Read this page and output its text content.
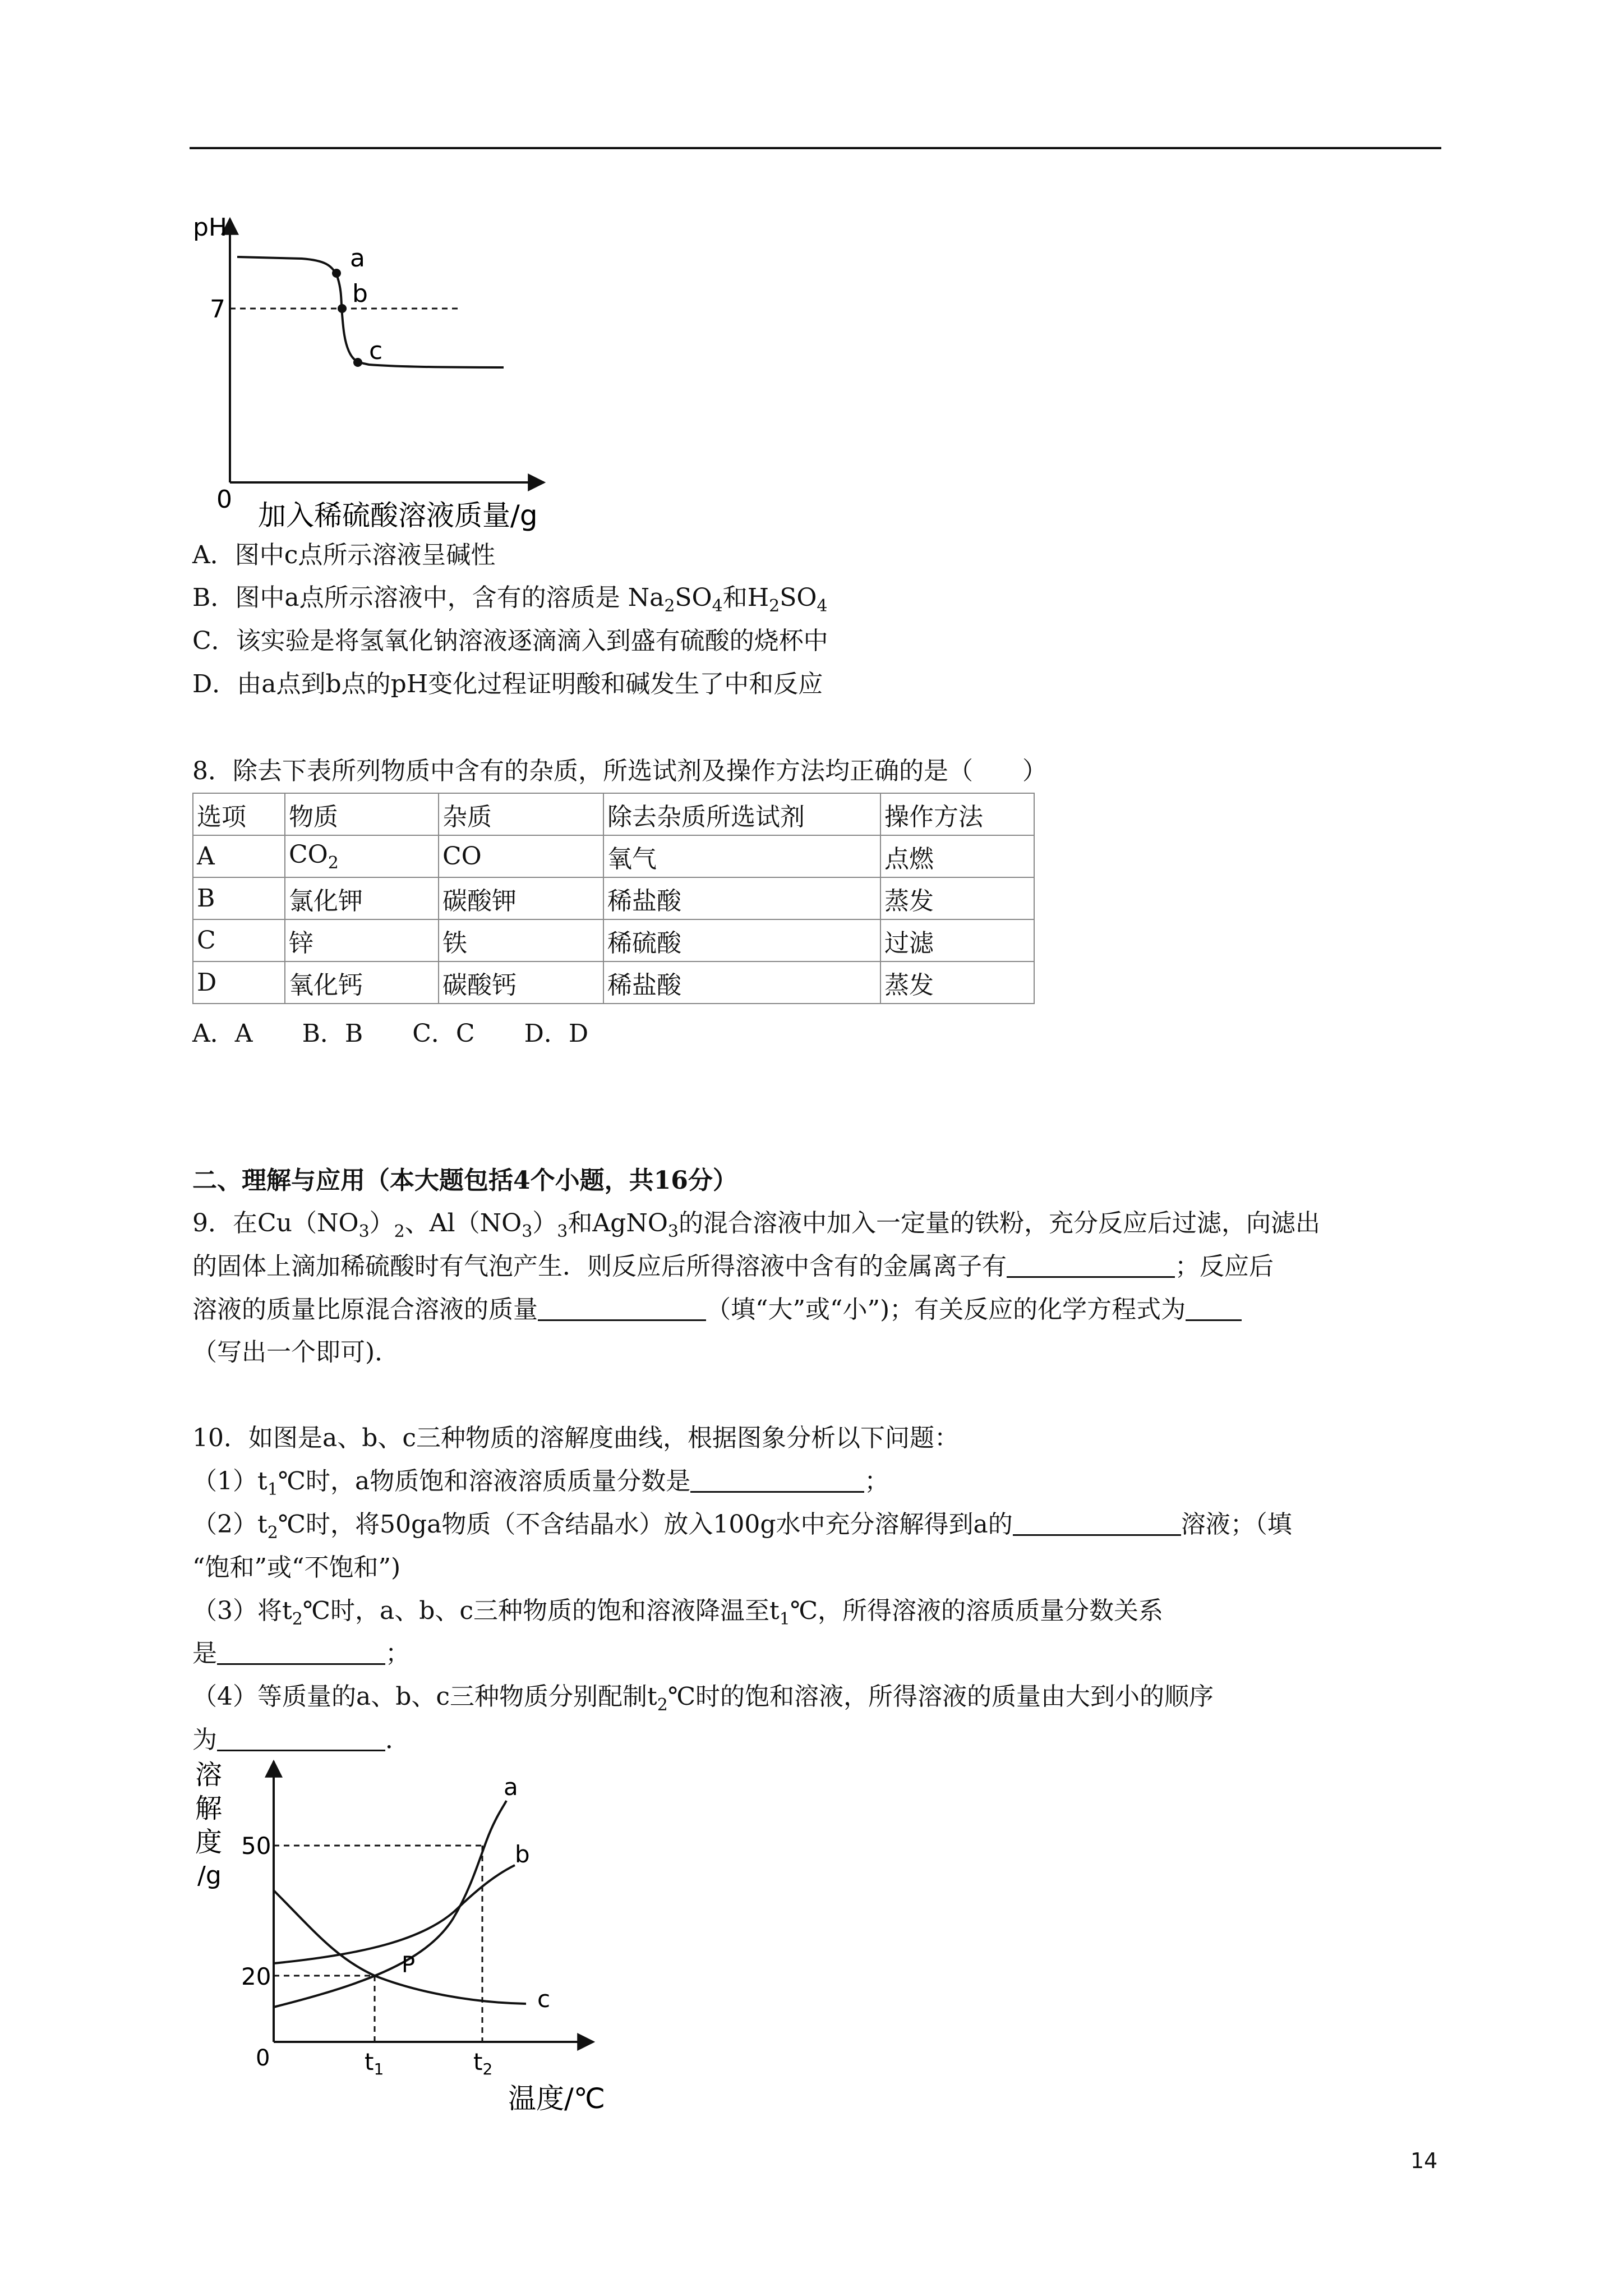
pH
7
0
a
b
c
加入稀硫酸溶液质量/g
A．图中c点所示溶液呈碱性
B．图中a点所示溶液中，含有的溶质是 $Na_2SO_4$和$H_2SO_4$
C．该实验是将氢氧化钠溶液逐滴滴入到盛有硫酸的烧杯中
D．由a点到b点的pH变化过程证明酸和碱发生了中和反应
8．除去下表所列物质中含有的杂质，所选试剂及操作方法均正确的是（　　）
选项	物质	杂质	除去杂质所选试剂	操作方法
A	$CO_2$	CO	氧气	点燃
B	氯化钾	碳酸钾	稀盐酸	蒸发
C	锌	铁	稀硫酸	过滤
D	氧化钙	碳酸钙	稀盐酸	蒸发
A．A B．B C．C D．D
二、理解与应用（本大题包括4个小题，共16分）
9．在$Cu(NO_3)_2$、$Al(NO_3)_3$和AgNO$_3$的混合溶液中加入一定量的铁粉，充分反应后过滤，向滤出
的固体上滴加稀硫酸时有气泡产生．则反应后所得溶液中含有的金属离子有	；反应后
溶液的质量比原混合溶液的质量	（填“大”或“小”)；有关反应的化学方程式为
（写出一个即可)．
10．如图是a、b、c三种物质的溶解度曲线，根据图象分析以下问题：
$(1)t_1℃$时，a物质饱和溶液溶质质量分数是	；
$(2)t_2℃$时，将50ga物质（不含结晶水）放入100g水中充分溶解得到a的	溶液；（填
“饱和”或“不饱和”)
（3）将$t_2℃$时，a、b、c三种物质的饱和溶液降温至$t_1℃$，所得溶液的溶质质量分数关系
是	；
（4）等质量的a、b、c三种物质分别配制$t_2℃$时的饱和溶液，所得溶液的质量由大到小的顺序
为	．
溶
解
度
/g
50
20
0	t1	t2
a
b
c
P
温度/℃
14
